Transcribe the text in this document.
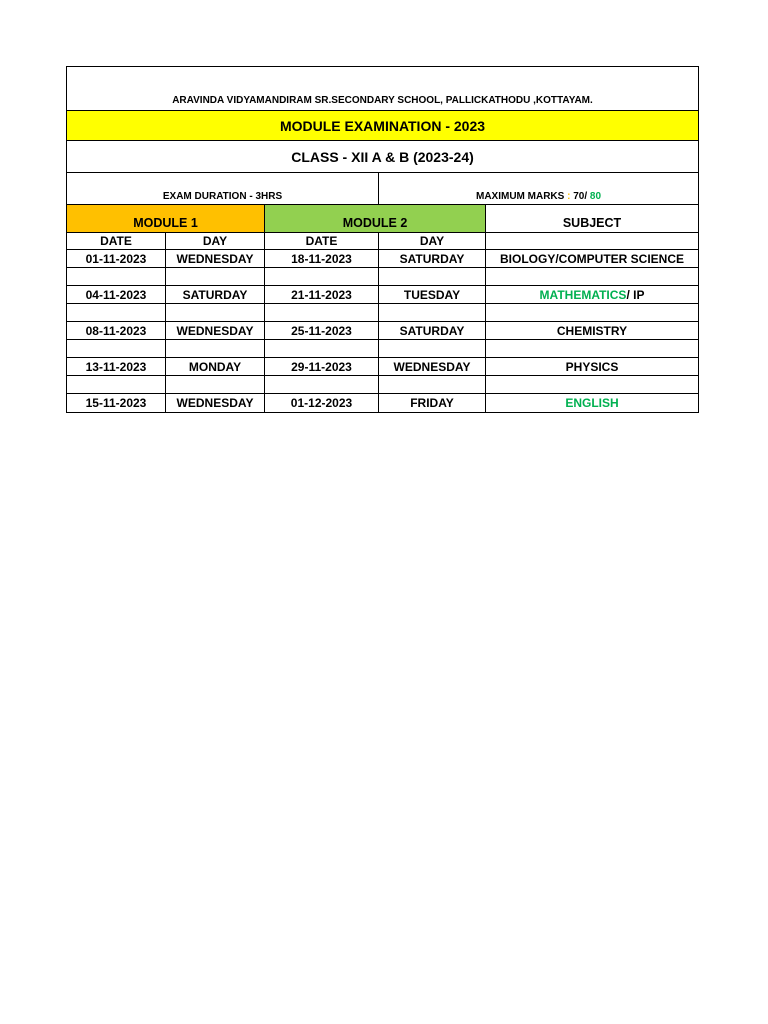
ARAVINDA VIDYAMANDIRAM SR.SECONDARY SCHOOL, PALLICKATHODU ,KOTTAYAM.
MODULE EXAMINATION - 2023
CLASS - XII A & B (2023-24)
EXAM DURATION - 3HRS	MAXIMUM MARKS : 70/ 80
MODULE 1	MODULE 2	SUBJECT
DATE	DAY	DATE	DAY
01-11-2023	WEDNESDAY	18-11-2023	SATURDAY	BIOLOGY/COMPUTER SCIENCE
04-11-2023	SATURDAY	21-11-2023	TUESDAY	MATHEMATICS / IP
08-11-2023	WEDNESDAY	25-11-2023	SATURDAY	CHEMISTRY
13-11-2023	MONDAY	29-11-2023	WEDNESDAY	PHYSICS
15-11-2023	WEDNESDAY	01-12-2023	FRIDAY	ENGLISH
